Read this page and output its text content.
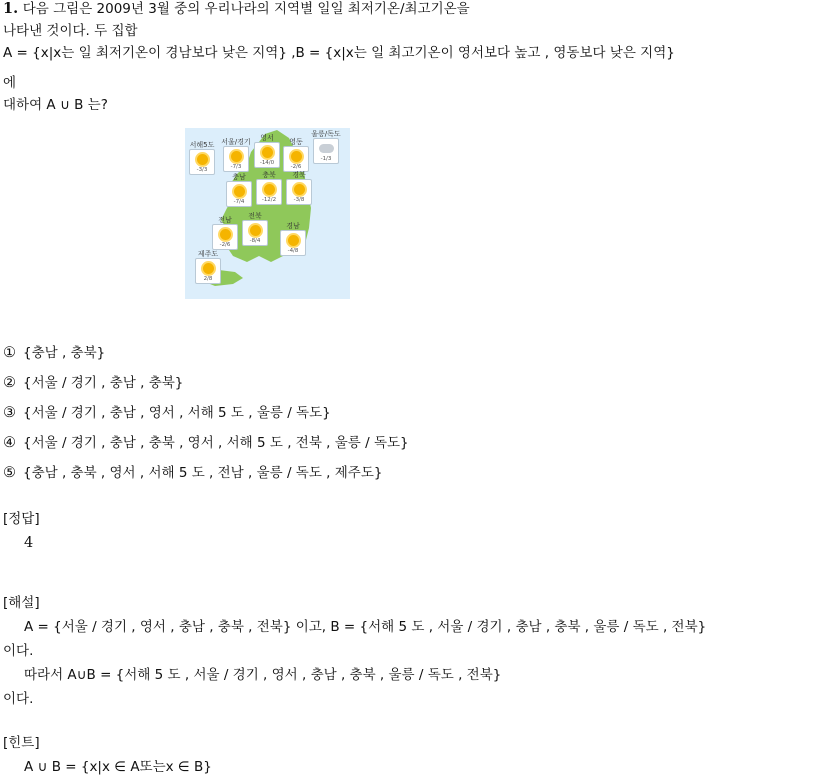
1. 다음 그림은 2009년 3월 중의 우리나라의 지역별 일일 최저기온/최고기온을
나타낸 것이다. 두 집합
A = {x|x는 일 최저기온이 경남보다 낮은 지역} ,B = {x|x는 일 최고기온이 영서보다 높고 , 영동보다 낮은 지역}
에
대하여 A ∪ B 는?
서해5도
-3/3
서울/경기
-7/3
영서
-14/0
영동
-2/6
울릉/독도
-1/3
충남
-7/4
충북
-12/2
경북
-3/8
전북
-8/4
전남
-2/6
경남
-4/8
제주도
2/8
① {충남 , 충북}
② {서울 / 경기 , 충남 , 충북}
③ {서울 / 경기 , 충남 , 영서 , 서해 5 도 , 울릉 / 독도}
④ {서울 / 경기 , 충남 , 충북 , 영서 , 서해 5 도 , 전북 , 울릉 / 독도}
⑤ {충남 , 충북 , 영서 , 서해 5 도 , 전남 , 울릉 / 독도 , 제주도}
[정답]
4
[해설]
A = {서울 / 경기 , 영서 , 충남 , 충북 , 전북} 이고, B = {서해 5 도 , 서울 / 경기 , 충남 , 충북 , 울릉 / 독도 , 전북}
이다.
따라서 A∪B = {서해 5 도 , 서울 / 경기 , 영서 , 충남 , 충북 , 울릉 / 독도 , 전북}
이다.
[힌트]
A ∪ B = {x|x ∈ A또는x ∈ B}
